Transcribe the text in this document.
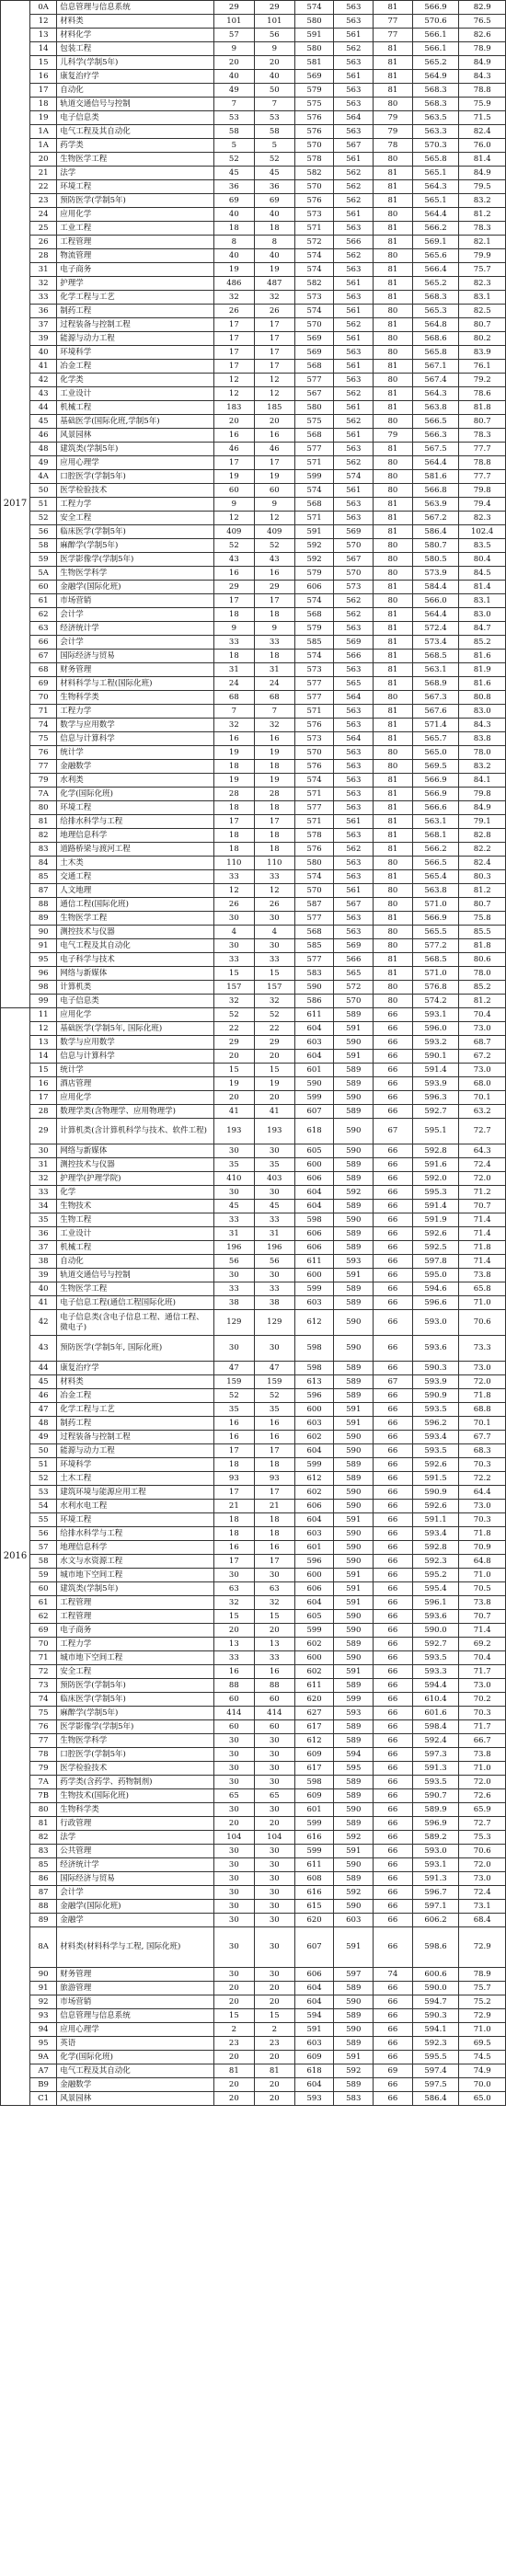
2017	0A	信息管理与信息系统	29	29	574	563	81	566.9	82.9
	12	材料类	101	101	580	563	77	570.6	76.5
	13	材料化学	57	56	591	561	77	566.1	82.6
	14	包装工程	9	9	580	562	81	566.1	78.9
	15	儿科学(学制5年)	20	20	581	563	81	565.2	84.9
	16	康复治疗学	40	40	569	561	81	564.9	84.3
	17	自动化	49	50	579	563	81	568.3	78.8
	18	轨道交通信号与控制	7	7	575	563	80	568.3	75.9
	19	电子信息类	53	53	576	564	79	563.5	71.5
	1A	电气工程及其自动化	58	58	576	563	79	563.3	82.4
	1A	药学类	5	5	570	567	78	570.3	76.0
	20	生物医学工程	52	52	578	561	80	565.8	81.4
	21	法学	45	45	582	562	81	565.1	84.9
	22	环境工程	36	36	570	562	81	564.3	79.5
	23	预防医学(学制5年)	69	69	576	562	81	565.1	83.2
	24	应用化学	40	40	573	561	80	564.4	81.2
	25	工业工程	18	18	571	563	81	566.2	78.3
	26	工程管理	8	8	572	566	81	569.1	82.1
	28	物流管理	40	40	574	562	80	565.6	79.9
	31	电子商务	19	19	574	563	81	566.4	75.7
	32	护理学	486	487	582	561	81	565.2	82.3
	33	化学工程与工艺	32	32	573	563	81	568.3	83.1
	36	制药工程	26	26	574	561	80	565.3	82.5
	37	过程装备与控制工程	17	17	570	562	81	564.8	80.7
	39	能源与动力工程	17	17	569	561	80	568.6	80.2
	40	环境科学	17	17	569	563	80	565.8	83.9
	41	冶金工程	17	17	568	561	81	567.1	76.1
	42	化学类	12	12	577	563	80	567.4	79.2
	43	工业设计	12	12	567	562	81	564.3	78.6
	44	机械工程	183	185	580	561	81	563.8	81.8
	45	基础医学(国际化班,学制5年)	20	20	575	562	80	566.5	80.7
	46	风景园林	16	16	568	561	79	566.3	78.3
	48	建筑类(学制5年)	46	46	577	563	81	567.5	77.7
	49	应用心理学	17	17	571	562	80	564.4	78.8
	4A	口腔医学(学制5年)	19	19	599	574	80	581.6	77.7
	50	医学检验技术	60	60	574	561	80	566.8	79.8
	51	工程力学	9	9	568	563	81	563.9	79.4
	52	安全工程	12	12	571	563	81	567.2	82.3
	56	临床医学(学制5年)	409	409	591	569	81	586.4	102.4
	58	麻醉学(学制5年)	52	52	592	570	80	580.7	83.5
	59	医学影像学(学制5年)	43	43	592	567	80	580.5	80.4
	5A	生物医学科学	16	16	579	570	80	573.9	84.5
	60	金融学(国际化班)	29	29	606	573	81	584.4	81.4
	61	市场营销	17	17	574	562	80	566.0	83.1
	62	会计学	18	18	568	562	81	564.4	83.0
	63	经济统计学	9	9	579	563	81	572.4	84.7
	66	会计学	33	33	585	569	81	573.4	85.2
	67	国际经济与贸易	18	18	574	566	81	568.5	81.6
	68	财务管理	31	31	573	563	81	563.1	81.9
	69	材料科学与工程(国际化班)	24	24	577	565	81	568.9	81.6
	70	生物科学类	68	68	577	564	80	567.3	80.8
	71	工程力学	7	7	571	563	81	567.6	83.0
	74	数学与应用数学	32	32	576	563	81	571.4	84.3
	75	信息与计算科学	16	16	573	564	81	565.7	83.8
	76	统计学	19	19	570	563	80	565.0	78.0
	77	金融数学	18	18	576	563	80	569.5	83.2
	79	水利类	19	19	574	563	81	566.9	84.1
	7A	化学(国际化班)	28	28	571	563	81	566.9	79.8
	80	环境工程	18	18	577	563	81	566.6	84.9
	81	给排水科学与工程	17	17	571	561	81	563.1	79.1
	82	地理信息科学	18	18	578	563	81	568.1	82.8
	83	道路桥梁与渡河工程	18	18	576	562	81	566.2	82.2
	84	土木类	110	110	580	563	80	566.5	82.4
	85	交通工程	33	33	574	563	81	565.4	80.3
	87	人文地理	12	12	570	561	80	563.8	81.2
	88	通信工程(国际化班)	26	26	587	567	80	571.0	80.7
	89	生物医学工程	30	30	577	563	81	566.9	75.8
	90	测控技术与仪器	4	4	568	563	80	565.5	85.5
	91	电气工程及其自动化	30	30	585	569	80	577.2	81.8
	95	电子科学与技术	33	33	577	566	81	568.5	80.6
	96	网络与新媒体	15	15	583	565	81	571.0	78.0
	98	计算机类	157	157	590	572	80	576.8	85.2
	99	电子信息类	32	32	586	570	80	574.2	81.2
2016	11	应用化学	52	52	611	589	66	593.1	70.4
	12	基础医学(学制5年, 国际化班)	22	22	604	591	66	596.0	73.0
	13	数学与应用数学	29	29	603	590	66	593.2	68.7
	14	信息与计算科学	20	20	604	591	66	590.1	67.2
	15	统计学	15	15	601	589	66	591.4	73.0
	16	酒店管理	19	19	590	589	66	593.9	68.0
	17	应用化学	20	20	599	590	66	596.3	70.1
	28	数理学类(含物理学、应用物理学)	41	41	607	589	66	592.7	63.2
	29	计算机类(含计算机科学与技术、软件工程)	193	193	618	590	67	595.1	72.7
	30	网络与新媒体	30	30	605	590	66	592.8	64.3
	31	测控技术与仪器	35	35	600	589	66	591.6	72.4
	32	护理学(护理学院)	410	403	606	589	66	592.0	72.0
	33	化学	30	30	604	592	66	595.3	71.2
	34	生物技术	45	45	604	589	66	591.4	70.7
	35	生物工程	33	33	598	590	66	591.9	71.4
	36	工业设计	31	31	606	589	66	592.6	71.4
	37	机械工程	196	196	606	589	66	592.5	71.8
	38	自动化	56	56	611	593	66	597.8	71.4
	39	轨道交通信号与控制	30	30	600	591	66	595.0	73.8
	40	生物医学工程	33	33	599	589	66	594.6	65.8
	41	电子信息工程(通信工程国际化班)	38	38	603	589	66	596.6	71.0
	42	电子信息类(含电子信息工程、通信工程、微电子)	129	129	612	590	66	593.0	70.6
	43	预防医学(学制5年, 国际化班)	30	30	598	590	66	593.6	73.3
	44	康复治疗学	47	47	598	589	66	590.3	73.0
	45	材料类	159	159	613	589	67	593.9	72.0
	46	冶金工程	52	52	596	589	66	590.9	71.8
	47	化学工程与工艺	35	35	600	591	66	593.5	68.8
	48	制药工程	16	16	603	591	66	596.2	70.1
	49	过程装备与控制工程	16	16	602	590	66	593.4	67.7
	50	能源与动力工程	17	17	604	590	66	593.5	68.3
	51	环境科学	18	18	599	589	66	592.6	70.3
	52	土木工程	93	93	612	589	66	591.5	72.2
	53	建筑环境与能源应用工程	17	17	602	590	66	590.9	64.4
	54	水利水电工程	21	21	606	590	66	592.6	73.0
	55	环境工程	18	18	604	591	66	591.1	70.3
	56	给排水科学与工程	18	18	603	590	66	593.4	71.8
	57	地理信息科学	16	16	601	590	66	592.8	70.9
	58	水文与水资源工程	17	17	596	590	66	592.3	64.8
	59	城市地下空间工程	30	30	600	591	66	595.2	71.0
	60	建筑类(学制5年)	63	63	606	591	66	595.4	70.5
	61	工程管理	32	32	604	591	66	596.1	73.8
	62	工程管理	15	15	605	590	66	593.6	70.7
	69	电子商务	20	20	599	590	66	590.0	71.4
	70	工程力学	13	13	602	589	66	592.7	69.2
	71	城市地下空间工程	33	33	600	590	66	593.5	70.4
	72	安全工程	16	16	602	591	66	593.3	71.7
	73	预防医学(学制5年)	88	88	611	589	66	594.4	73.0
	74	临床医学(学制5年)	60	60	620	599	66	610.4	70.2
	75	麻醉学(学制5年)	414	414	627	593	66	601.6	70.3
	76	医学影像学(学制5年)	60	60	617	589	66	598.4	71.7
	77	生物医学科学	30	30	612	589	66	592.4	66.7
	78	口腔医学(学制5年)	30	30	609	594	66	597.3	73.8
	79	医学检验技术	30	30	617	595	66	591.3	71.0
	7A	药学类(含药学、药物制剂)	30	30	598	589	66	593.5	72.0
	7B	生物技术(国际化班)	65	65	609	589	66	590.7	72.6
	80	生物科学类	30	30	601	590	66	589.9	65.9
	81	行政管理	20	20	599	589	66	596.9	72.7
	82	法学	104	104	616	592	66	589.2	75.3
	83	公共管理	30	30	599	591	66	593.0	70.6
	85	经济统计学	30	30	611	590	66	593.1	72.0
	86	国际经济与贸易	30	30	608	589	66	591.3	73.0
	87	会计学	30	30	616	592	66	596.7	72.4
	88	金融学(国际化班)	30	30	615	590	66	597.1	73.1
	89	金融学	30	30	620	603	66	606.2	68.4
	8A	材料类(材料科学与工程, 国际化班)	30	30	607	591	66	598.6	72.9
	90	财务管理	30	30	606	597	74	600.6	78.9
	91	旅游管理	20	20	604	589	66	590.0	75.7
	92	市场营销	20	20	604	590	66	594.7	75.2
	93	信息管理与信息系统	15	15	594	589	66	590.3	72.9
	94	应用心理学	2	2	591	590	66	594.1	71.0
	95	英语	23	23	603	589	66	592.3	69.5
	9A	化学(国际化班)	20	20	609	591	66	595.5	74.5
	A7	电气工程及其自动化	81	81	618	592	69	597.4	74.9
	B9	金融数学	20	20	604	589	66	597.5	70.0
	C1	风景园林	20	20	593	583	66	586.4	65.0
